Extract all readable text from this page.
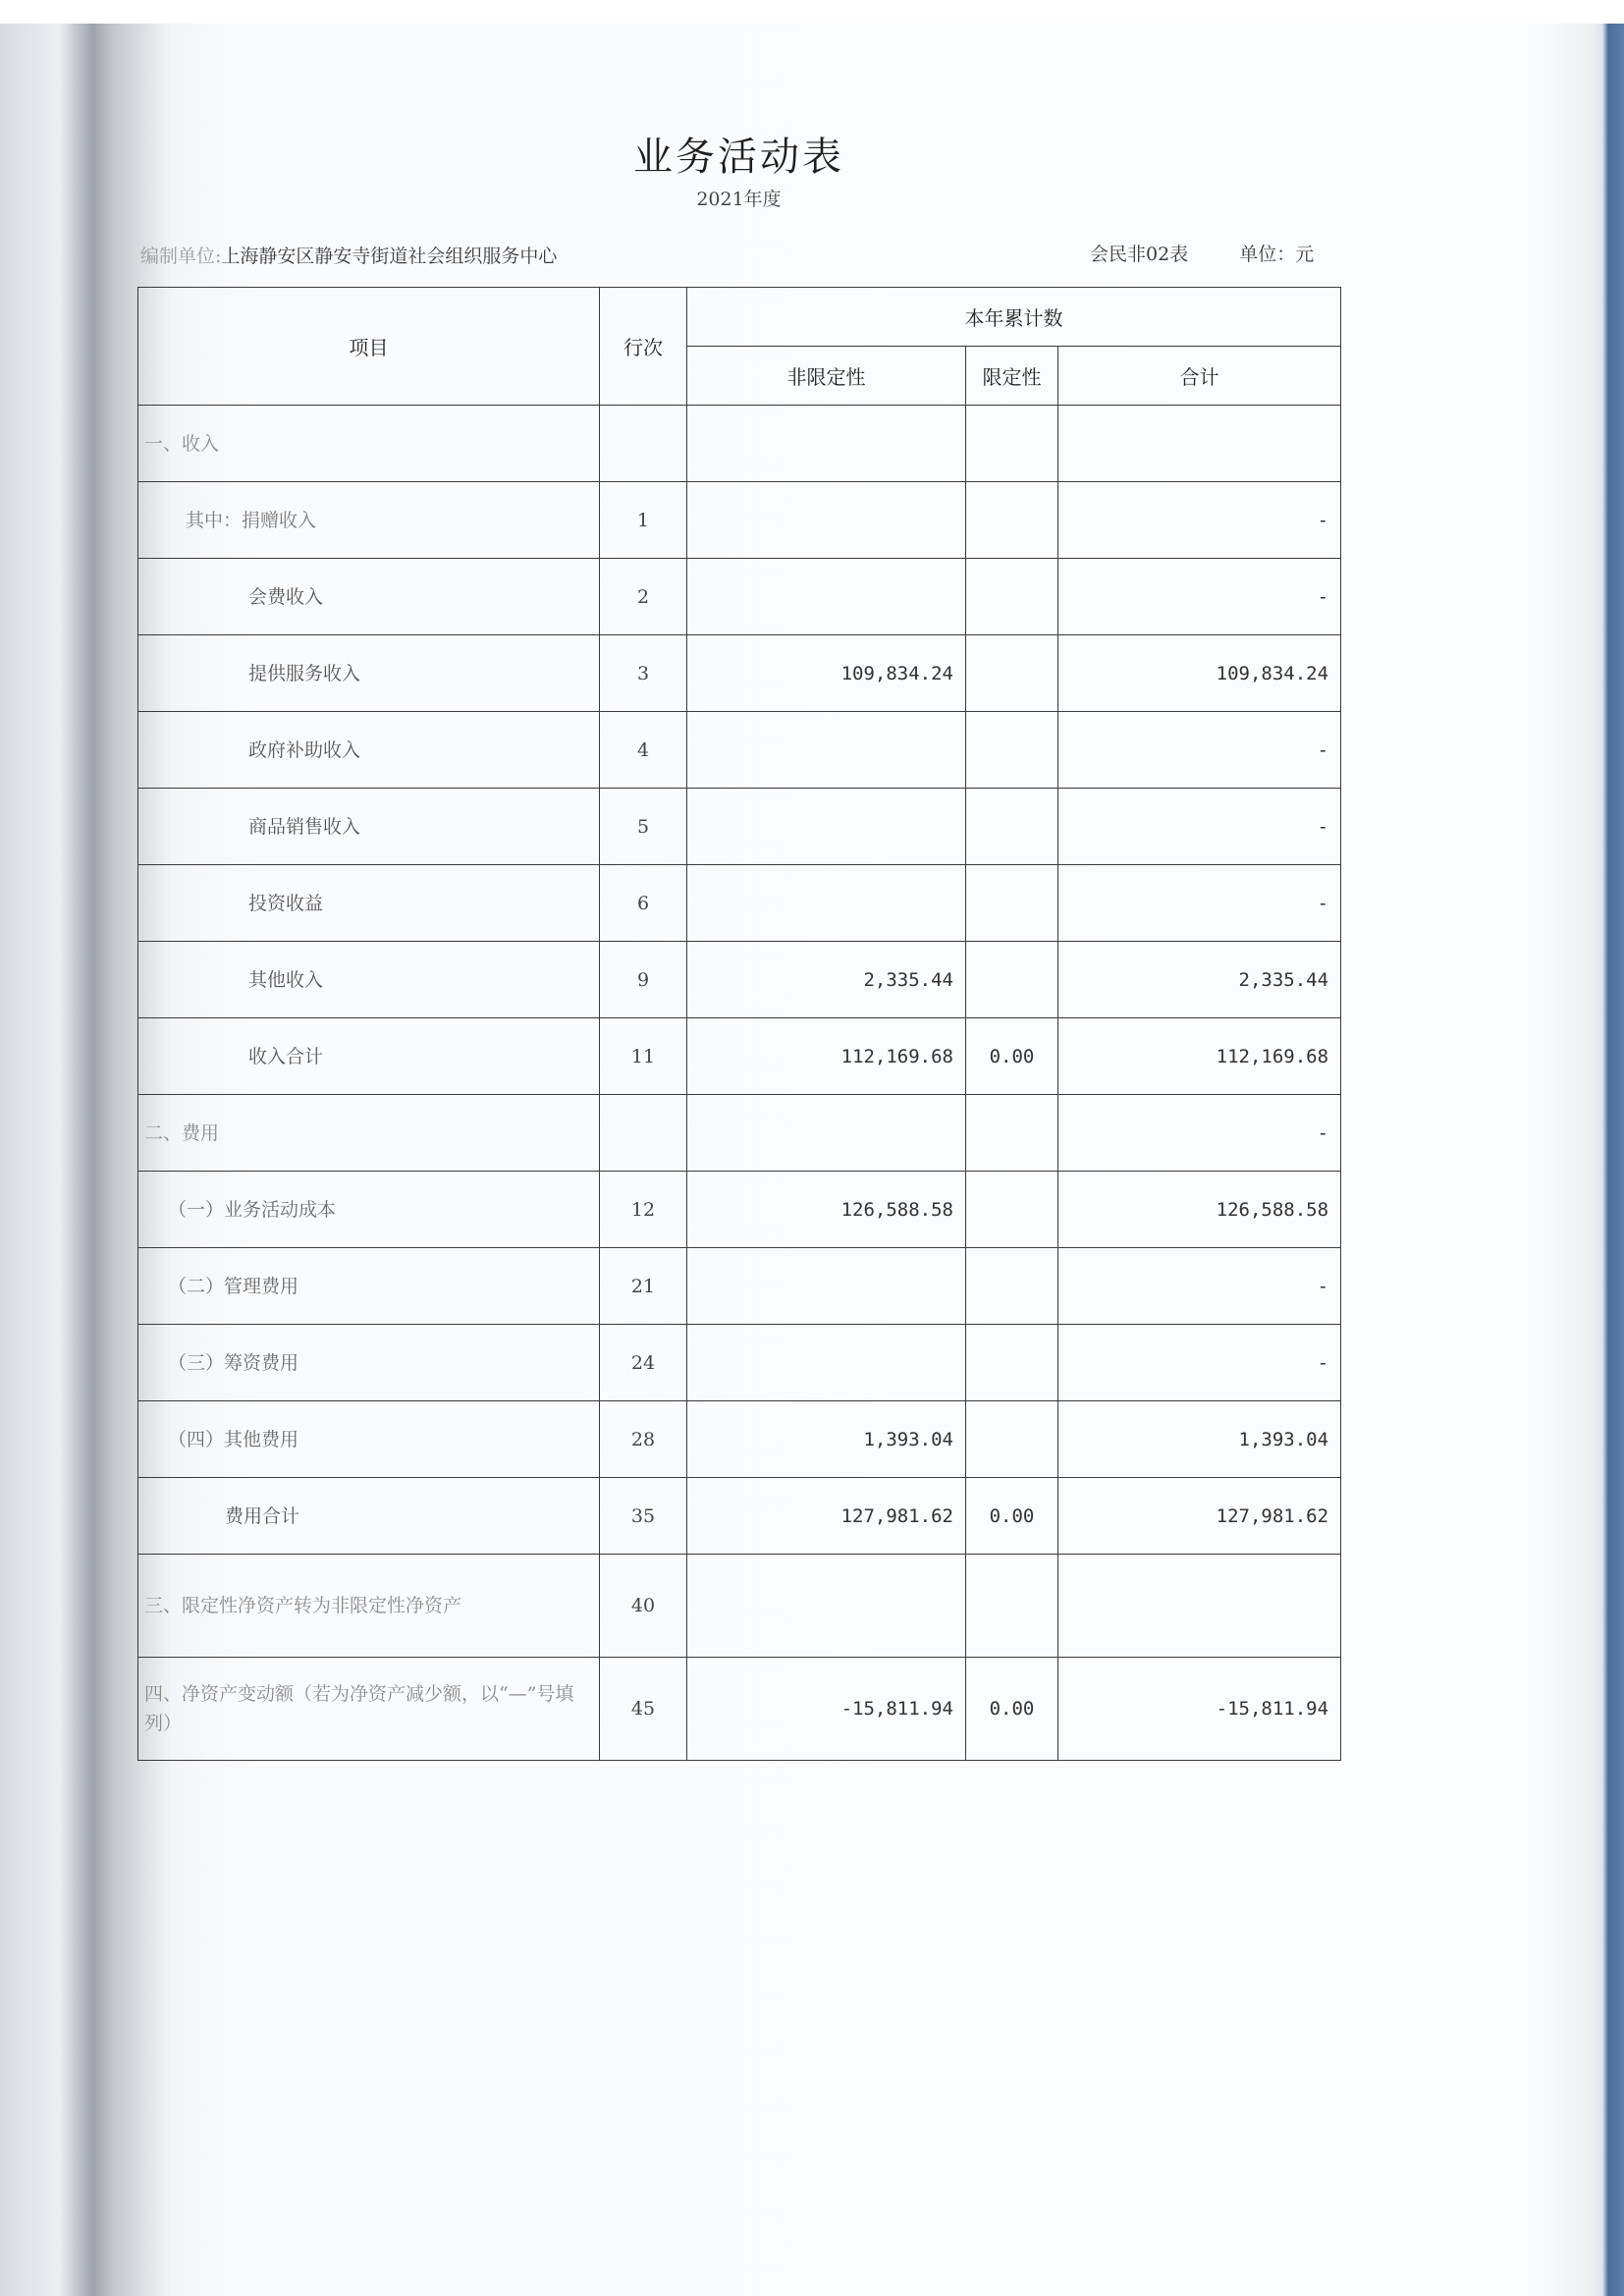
业务活动表
2021年度
编制单位:上海静安区静安寺街道社会组织服务中心	会民非02表	单位：元
项目	行次	本年累计数		
		非限定性	限定性	合计
一、收入				
其中：捐赠收入	1			-
会费收入	2			-
提供服务收入	3	109,834.24		109,834.24
政府补助收入	4			-
商品销售收入	5			-
投资收益	6			-
其他收入	9	2,335.44		2,335.44
收入合计	11	112,169.68	0.00	112,169.68
二、费用				-
（一）业务活动成本	12	126,588.58		126,588.58
（二）管理费用	21			-
（三）筹资费用	24			-
（四）其他费用	28	1,393.04		1,393.04
费用合计	35	127,981.62	0.00	127,981.62
三、限定性净资产转为非限定性净资产	40			
四、净资产变动额（若为净资产减少额，以“—”号填列）	45	-15,811.94	0.00	-15,811.94
